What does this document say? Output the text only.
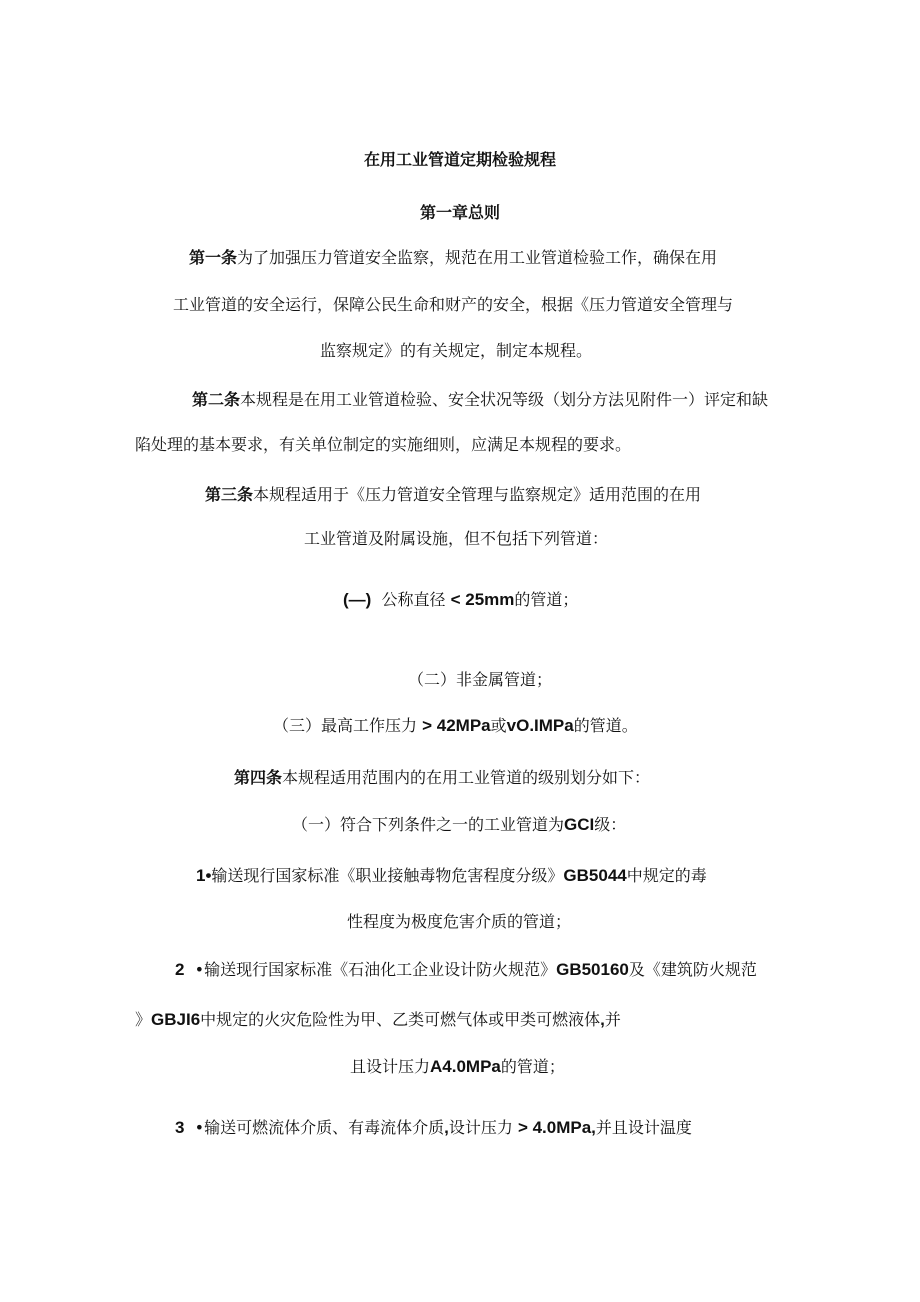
在用工业管道定期检验规程
第一章总则
第一条为了加强压力管道安全监察，规范在用工业管道检验工作，确保在用
工业管道的安全运行，保障公民生命和财产的安全，根据《压力管道安全管理与
监察规定》的有关规定，制定本规程。
第二条本规程是在用工业管道检验、安全状况等级（划分方法见附件一）评定和缺
陷处理的基本要求，有关单位制定的实施细则，应满足本规程的要求。
第三条本规程适用于《压力管道安全管理与监察规定》适用范围的在用
工业管道及附属设施，但不包括下列管道：
(—) 公称直径 < 25mm的管道；
（二）非金属管道；
（三）最高工作压力 > 42MPa或vO.IMPa的管道。
第四条本规程适用范围内的在用工业管道的级别划分如下：
（一）符合下列条件之一的工业管道为GCI级：
1•输送现行国家标准《职业接触毒物危害程度分级》GB5044中规定的毒
性程度为极度危害介质的管道；
2 •输送现行国家标准《石油化工企业设计防火规范》GB50160及《建筑防火规范
》GBJI6中规定的火灾危险性为甲、乙类可燃气体或甲类可燃液体,并
且设计压力A4.0MPa的管道；
3 •输送可燃流体介质、有毒流体介质,设计压力 > 4.0MPa,并且设计温度
